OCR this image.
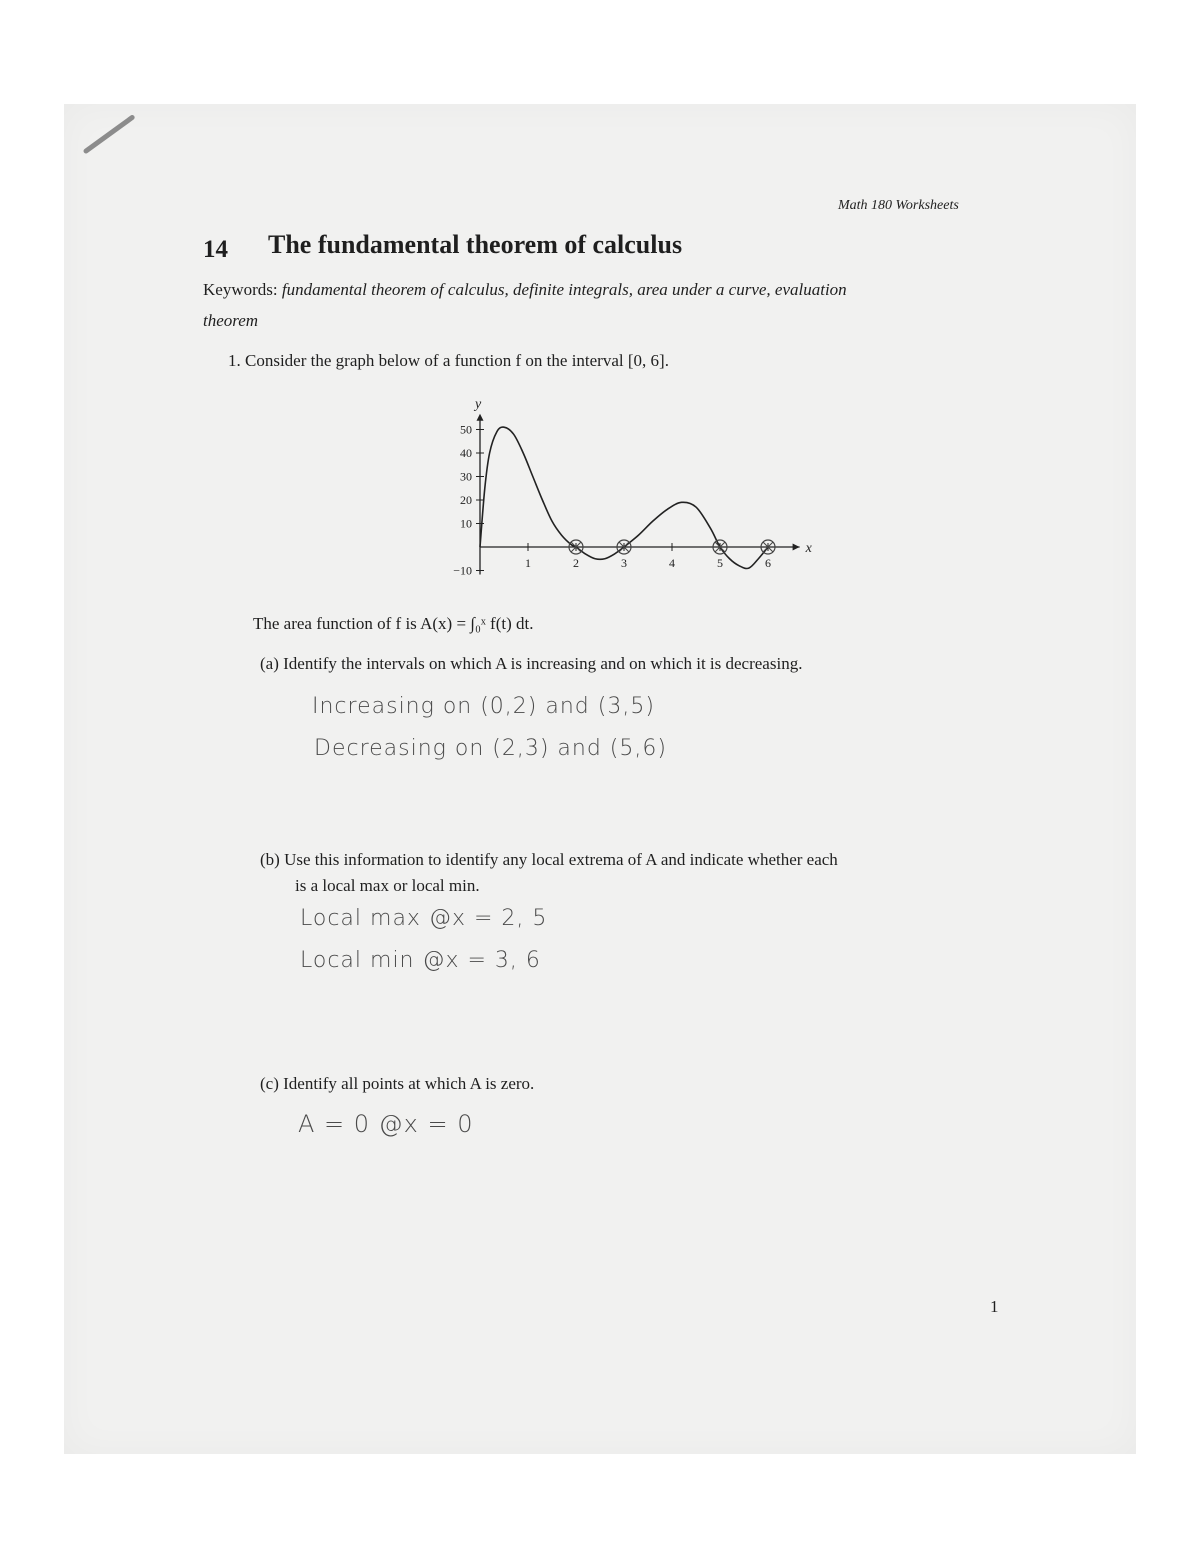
Math 180 Worksheets
14 The fundamental theorem of calculus
Keywords: fundamental theorem of calculus, definite integrals, area under a curve, evaluation
theorem
1. Consider the graph below of a function f on the interval [0, 6].
50
40
30
20
10
−10
1	2	3	4	5	6
x
y
The area function of f is A(x) = ∫₀ˣ f(t) dt.
(a) Identify the intervals on which A is increasing and on which it is decreasing.
Increasing on (0,2) and (3,5)
Decreasing on (2,3) and (5,6)
(b) Use this information to identify any local extrema of A and indicate whether each
is a local max or local min.
Local max @x = 2, 5
Local min @x = 3, 6
(c) Identify all points at which A is zero.
A = 0 @x = 0
1
